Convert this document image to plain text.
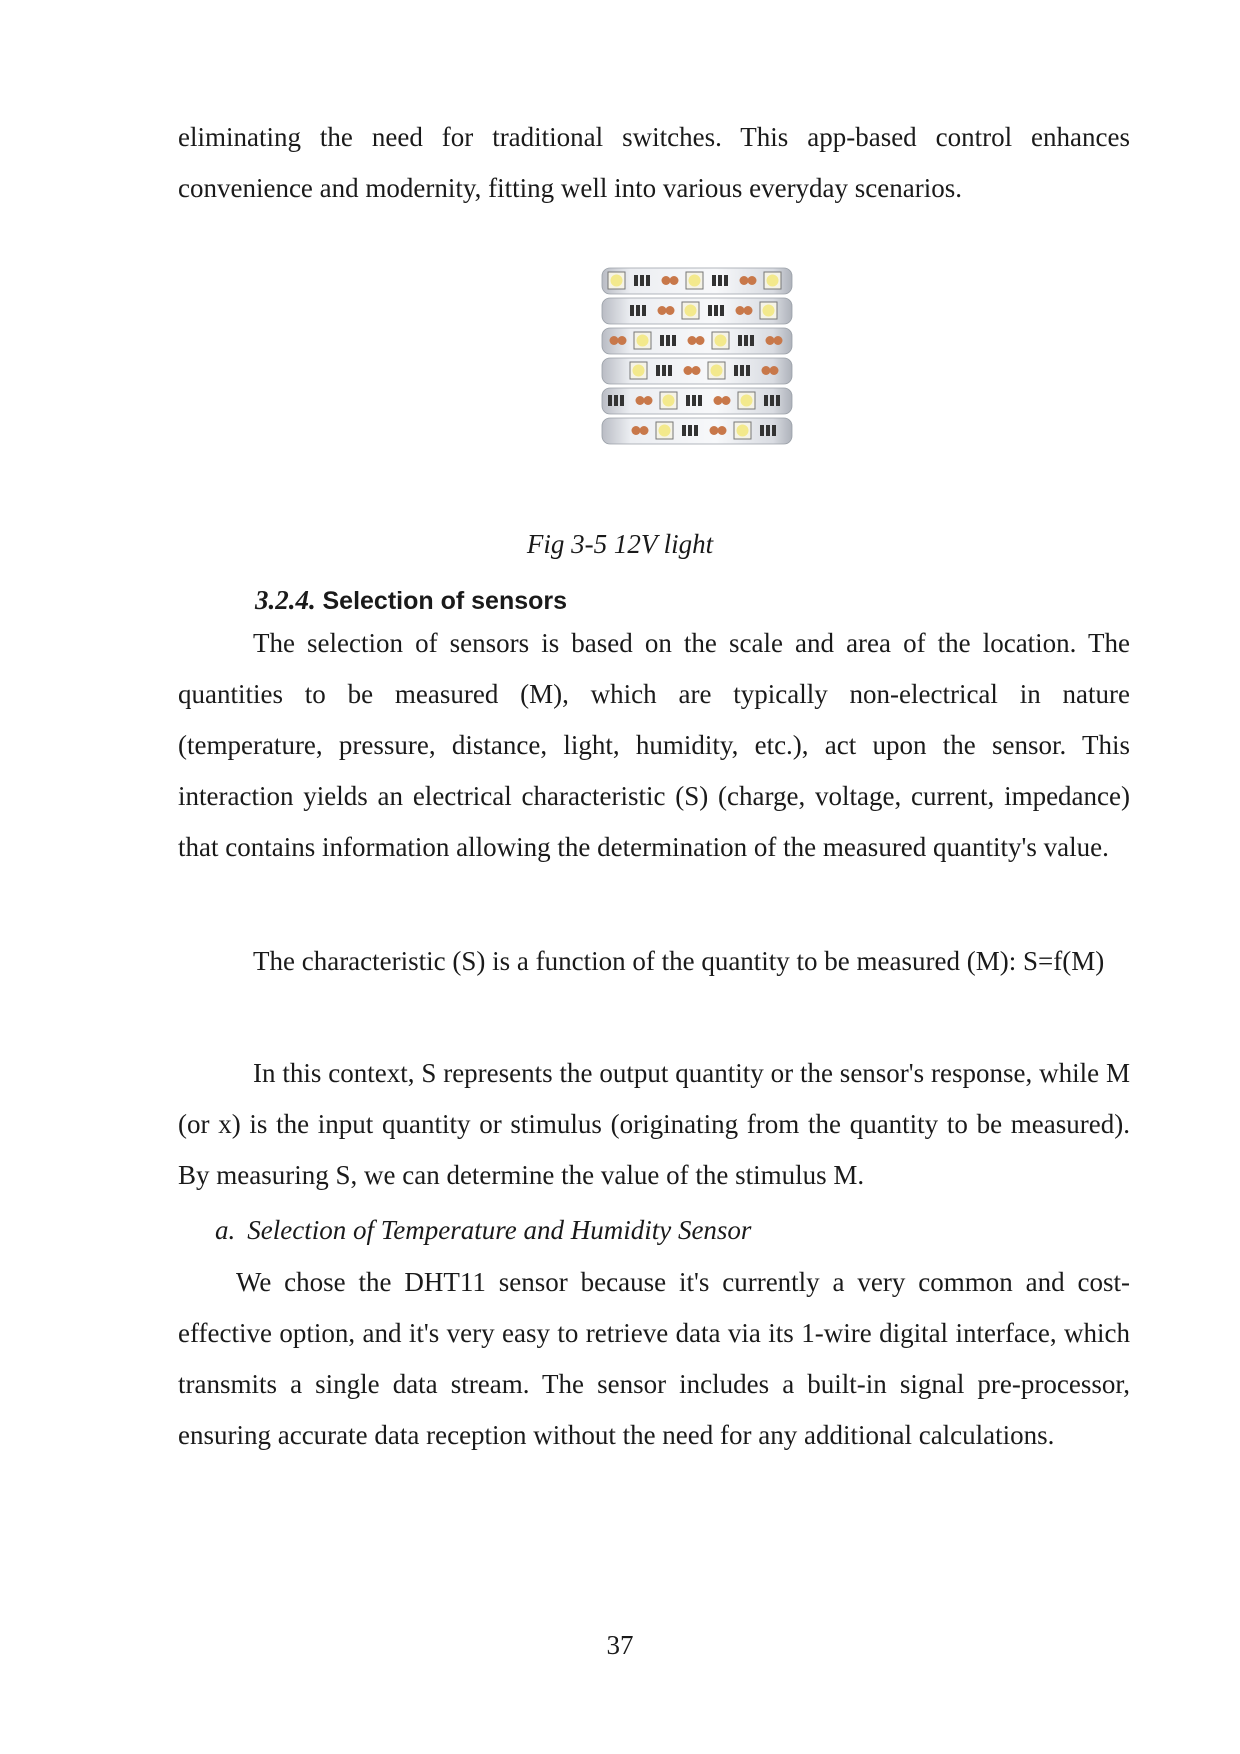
eliminating the need for traditional switches. This app-based control enhances convenience and modernity, fitting well into various everyday scenarios.

Fig 3-5 12V light

3.2.4. Selection of sensors

The selection of sensors is based on the scale and area of the location. The quantities to be measured (M), which are typically non-electrical in nature (temperature, pressure, distance, light, humidity, etc.), act upon the sensor. This interaction yields an electrical characteristic (S) (charge, voltage, current, impedance) that contains information allowing the determination of the measured quantity's value.

The characteristic (S) is a function of the quantity to be measured (M): S=f(M)

In this context, S represents the output quantity or the sensor's response, while M (or x) is the input quantity or stimulus (originating from the quantity to be measured). By measuring S, we can determine the value of the stimulus M.

a. Selection of Temperature and Humidity Sensor

We chose the DHT11 sensor because it's currently a very common and cost-effective option, and it's very easy to retrieve data via its 1-wire digital interface, which transmits a single data stream. The sensor includes a built-in signal pre-processor, ensuring accurate data reception without the need for any additional calculations.

37
